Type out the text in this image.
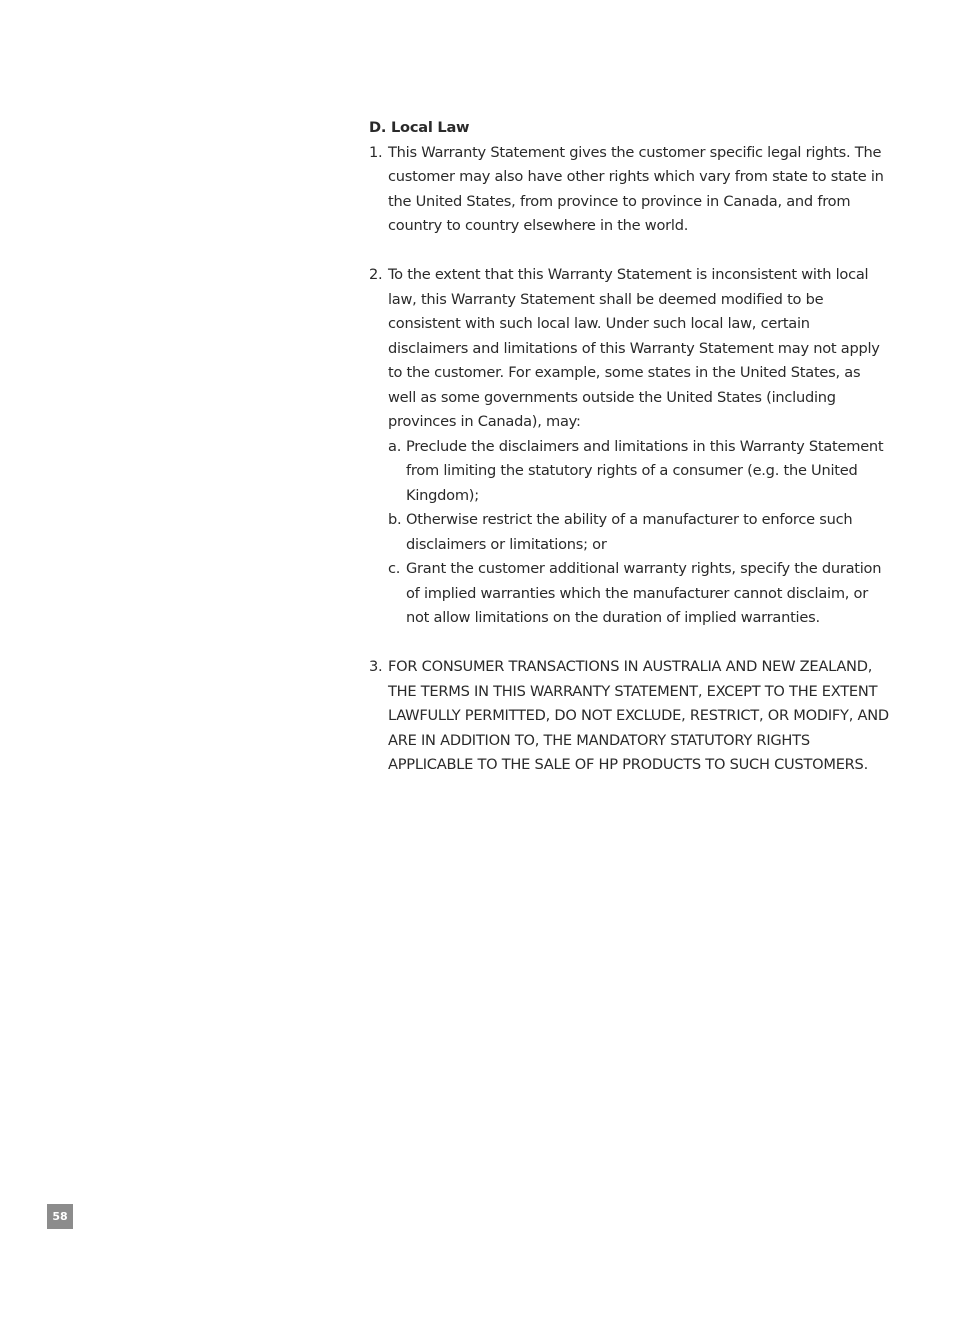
D. Local Law

1. This Warranty Statement gives the customer specific legal rights. The customer may also have other rights which vary from state to state in the United States, from province to province in Canada, and from country to country elsewhere in the world.

2. To the extent that this Warranty Statement is inconsistent with local law, this Warranty Statement shall be deemed modified to be consistent with such local law. Under such local law, certain disclaimers and limitations of this Warranty Statement may not apply to the customer. For example, some states in the United States, as well as some governments outside the United States (including provinces in Canada), may:

a. Preclude the disclaimers and limitations in this Warranty Statement from limiting the statutory rights of a consumer (e.g. the United Kingdom);

b. Otherwise restrict the ability of a manufacturer to enforce such disclaimers or limitations; or

c. Grant the customer additional warranty rights, specify the duration of implied warranties which the manufacturer cannot disclaim, or not allow limitations on the duration of implied warranties.

3. FOR CONSUMER TRANSACTIONS IN AUSTRALIA AND NEW ZEALAND, THE TERMS IN THIS WARRANTY STATEMENT, EXCEPT TO THE EXTENT LAWFULLY PERMITTED, DO NOT EXCLUDE, RESTRICT, OR MODIFY, AND ARE IN ADDITION TO, THE MANDATORY STATUTORY RIGHTS APPLICABLE TO THE SALE OF HP PRODUCTS TO SUCH CUSTOMERS.

58
